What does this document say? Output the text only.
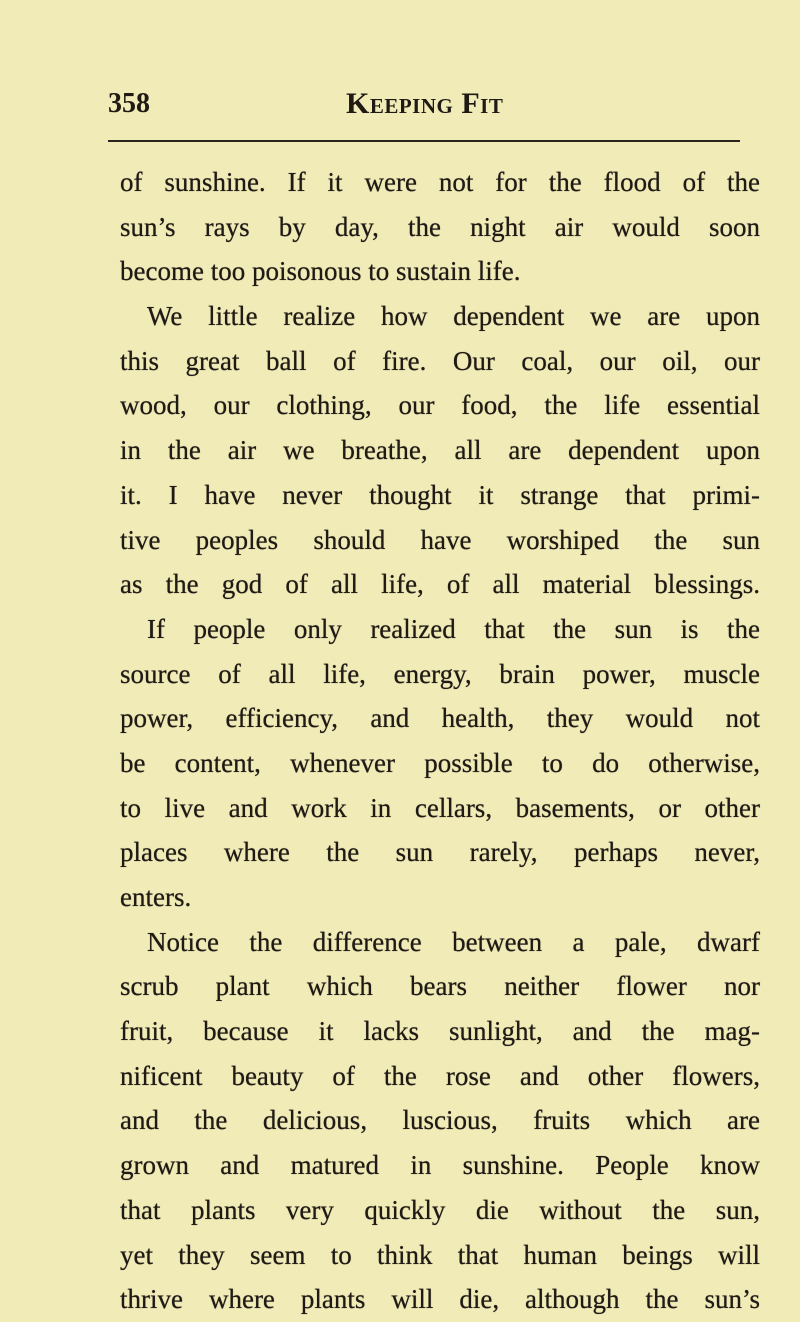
358	Keeping Fit
of sunshine. If it were not for the flood of the
sun’s rays by day, the night air would soon
become too poisonous to sustain life.
We little realize how dependent we are upon
this great ball of fire. Our coal, our oil, our
wood, our clothing, our food, the life essential
in the air we breathe, all are dependent upon
it. I have never thought it strange that primi-
tive peoples should have worshiped the sun
as the god of all life, of all material blessings.
If people only realized that the sun is the
source of all life, energy, brain power, muscle
power, efficiency, and health, they would not
be content, whenever possible to do otherwise,
to live and work in cellars, basements, or other
places where the sun rarely, perhaps never,
enters.
Notice the difference between a pale, dwarf
scrub plant which bears neither flower nor
fruit, because it lacks sunlight, and the mag-
nificent beauty of the rose and other flowers,
and the delicious, luscious, fruits which are
grown and matured in sunshine. People know
that plants very quickly die without the sun,
yet they seem to think that human beings will
thrive where plants will die, although the sun’s
